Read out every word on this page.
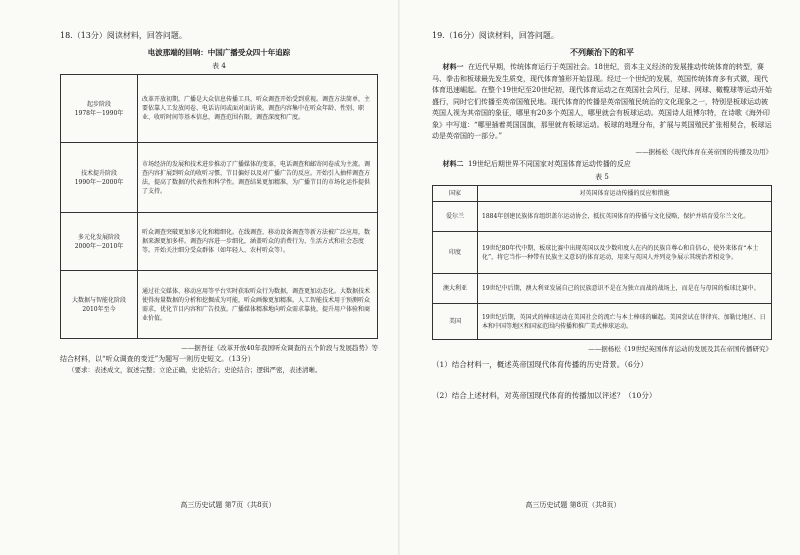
18.（13分）阅读材料，回答问题。
电波那端的回响：中国广播受众四十年追踪
表 4
起步阶段
1978年～1990年	改革开放初期，广播是大众信息传播工具，听众调查开始受到重视。调查方法简单，主要依靠人工发放问卷、电话访问或面对面访谈。调查内容集中在听众年龄、性别、职业、收听时间等基本信息，调查范围有限，调查深度和广度。

技术提升阶段
1990年～2000年	市场经济的发展和技术进步推动了广播媒体的变革，电话调查和邮寄问卷成为主流。调查内容扩展到听众的收听习惯、节目偏好以及对广播广告的反应。开始引入抽样调查方法，提高了数据的代表性和科学性。调查结果更加精准，为广播节目的市场化运作提供了支持。

多元化发展阶段
2000年～2010年	听众调查突破更加多元化和精细化。在线调查、移动设备调查等新方法被广泛应用，数据来源更加多样。调查内容进一步细化，涵盖听众的消费行为、生活方式和社会态度等。开始关注细分受众群体（如年轻人、农村听众等）。

大数据与智能化阶段
2010年至今	通过社交媒体、移动应用等平台实时获取听众行为数据，调查更加动态化。大数据技术使得海量数据的分析和挖掘成为可能，听众画像更加精准。人工智能技术用于预测听众需求，优化节目内容和广告投放。广播媒体精准地向听众需求靠拢，提升用户体验和商业价值。
——据吾征《改革开放40年我国听众调查的五个阶段与发展趋势》等
结合材料，以“听众调查的变迁”为题写一则历史短文。（13分）
（要求：表述成文，叙述完整；立论正确，史论结合；史论结合；逻辑严密，表述清晰。
19.（16分）阅读材料，回答问题。
不列颠治下的和平

材料一 在近代早期，传统体育运行于英国社会。18世纪，资本主义经济的发展推动传统体育的转型，赛马、拳击和板球最先发生质变，现代体育雏形开始显现。经过一个世纪的发展，英国传统体育多有式微，现代体育迅速崛起。在整个19世纪至20世纪初，现代体育运动之在英国社会风行，足球、网球、橄榄球等运动开始盛行，同时它们传播至英帝国殖民地。现代体育的传播是英帝国殖民统治的文化现象之一，特别是板球运动被英国人视为其帝国的象征，哪里有20多个英国人，哪里就会有板球运动。英国诗人纽博尔特，在诗歌《海外印象》中写道：“哪里插着英国国旗，那里就有板球运动。板球的地理分布，扩展与英国殖民扩张相契合，板球运动是英帝国的一部分。”

——据杨松《现代体育在英帝国的传播及功用》

材料二 19世纪后期世界不同国家对英国体育运动传播的反应

表 5
国家	对英国体育运动传播的反应和措施
爱尔兰	1884年创建民族体育组织盖尔运动协会，抵抗英国体育的传播与文化侵略，保护并培育爱尔兰文化。
印度	19世纪80年代中期，板球比赛中出现英国以及少数印度人在内的民族自尊心和自信心，使外来体育“本土化”，将它当作一种带有民族主义意识的体育运动，用来与英国人并列竞争展示其统治者相竞争。
澳大利亚	19世纪中后期，澳大利亚发展自己的民族意识不是在为独立而战的战场上，而是在与母国的板球比赛中。
美国	19世纪后期，英国式的棒球运动在美国社会的流亡与本土棒球的崛起。美国尝试在菲律宾、加勒比地区、日本和中国等地区和国家范围内传播和推广美式棒球运动。
——据杨松《19世纪英国体育运动的发展及其在帝国传播研究》
（1）结合材料一，概述英帝国现代体育传播的历史背景。（6分）
（2）结合上述材料，对英帝国现代体育的传播加以评述？（10分）
高三历史试题 第7页（共8页）	高三历史试题 第8页（共8页）
